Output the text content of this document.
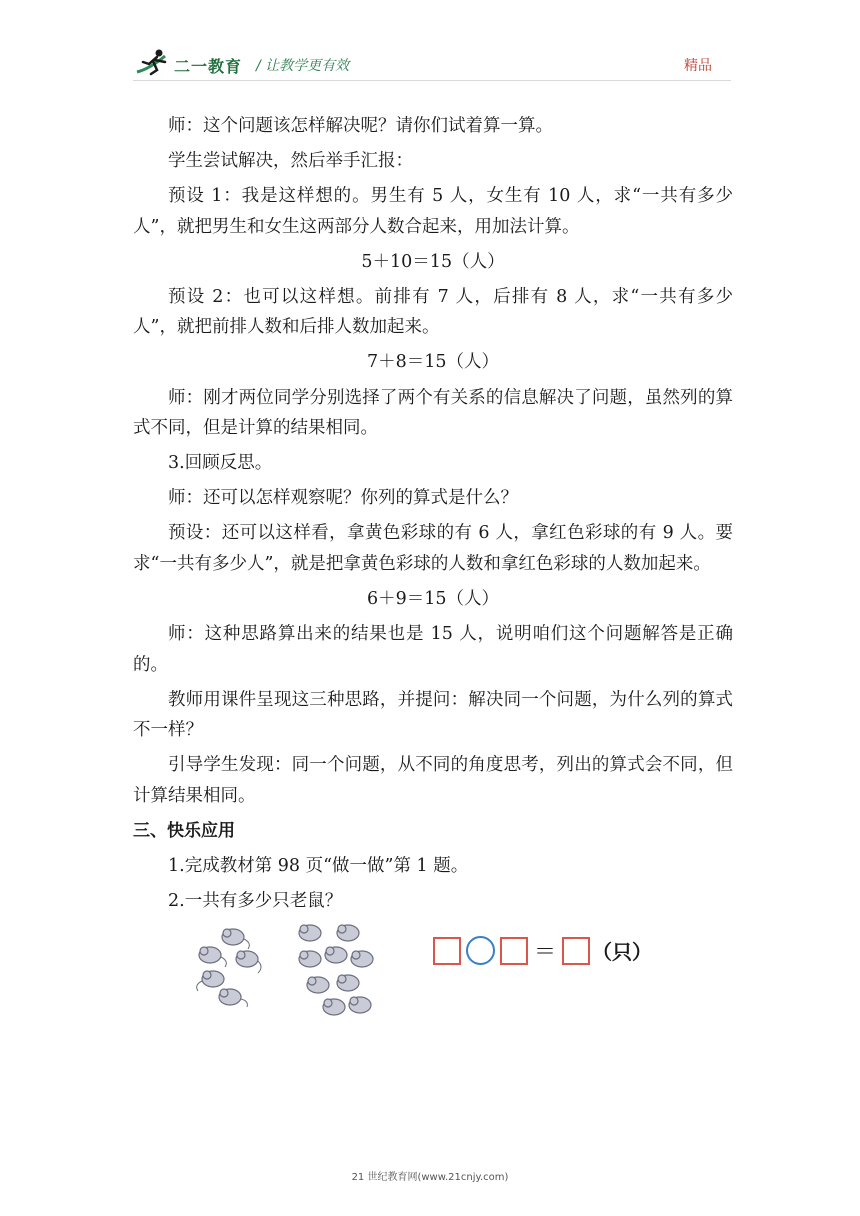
二一教育 / 让教学更有效	精品

师：这个问题该怎样解决呢？请你们试着算一算。

学生尝试解决，然后举手汇报：

预设 1：我是这样想的。男生有 5 人，女生有 10 人，求“一共有多少人”，就把男生和女生这两部分人数合起来，用加法计算。

5＋10＝15（人）

预设 2：也可以这样想。前排有 7 人，后排有 8 人，求“一共有多少人”，就把前排人数和后排人数加起来。

7＋8＝15（人）

师：刚才两位同学分别选择了两个有关系的信息解决了问题，虽然列的算式不同，但是计算的结果相同。

3.回顾反思。

师：还可以怎样观察呢？你列的算式是什么？

预设：还可以这样看，拿黄色彩球的有 6 人，拿红色彩球的有 9 人。要求“一共有多少人”，就是把拿黄色彩球的人数和拿红色彩球的人数加起来。

6＋9＝15（人）

师：这种思路算出来的结果也是 15 人，说明咱们这个问题解答是正确的。

教师用课件呈现这三种思路，并提问：解决同一个问题，为什么列的算式不一样？

引导学生发现：同一个问题，从不同的角度思考，列出的算式会不同，但计算结果相同。

三、快乐应用

1.完成教材第 98 页“做一做”第 1 题。

2.一共有多少只老鼠？

＝ （只）
21 世纪教育网(www.21cnjy.com)
